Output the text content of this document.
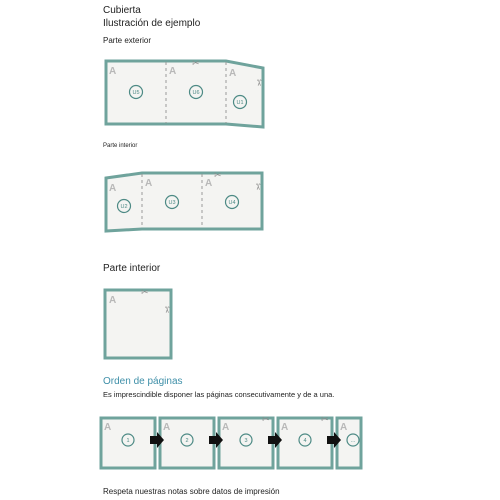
Cubierta
Ilustración de ejemplo
Parte exterior
Parte interior
Parte interior
Orden de páginas
Es imprescindible disponer las páginas consecutivamente y de a una.
Respeta nuestras notas sobre datos de impresión
A	A	A
✂
✂
U5	U6
U1
A	A	A
✂
✂
U2
U3	U4
A
✂
✂
A	A	A	A	A
✂	✂
1	2	3	4	...
